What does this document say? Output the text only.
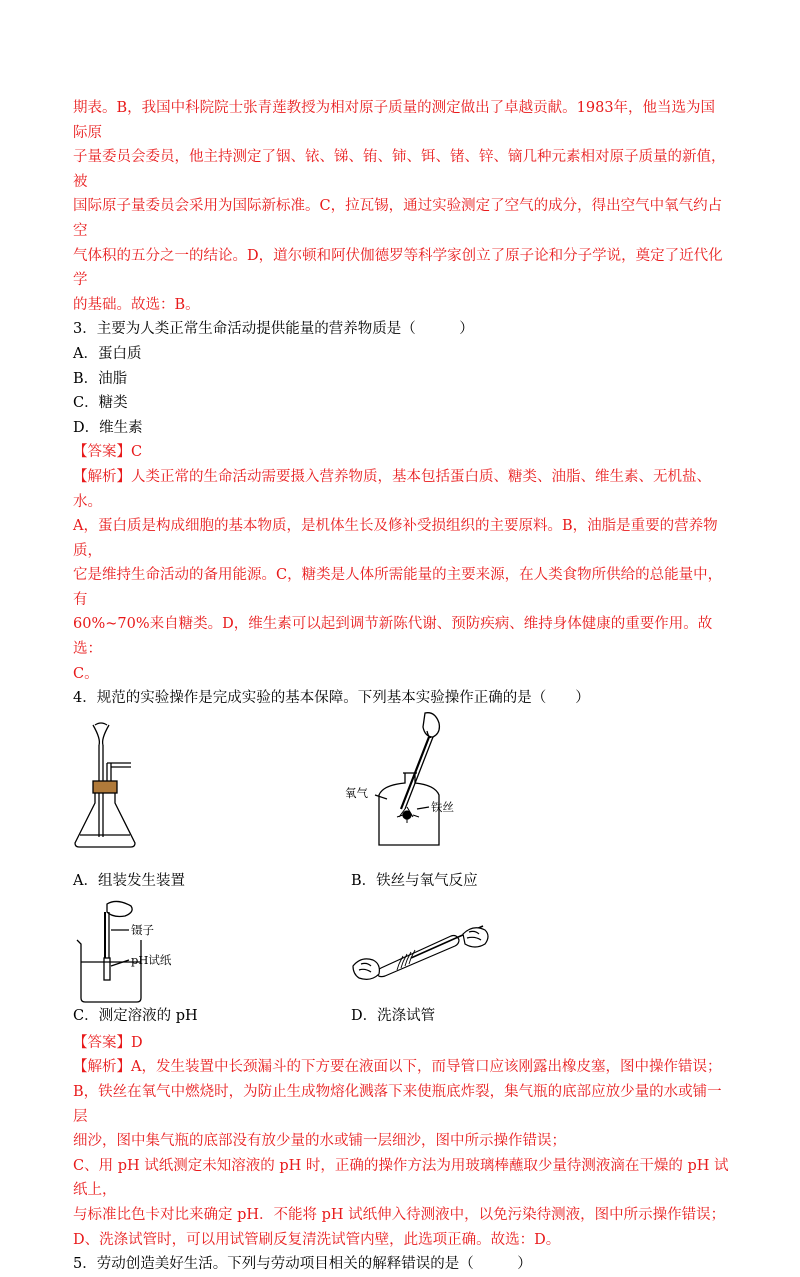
期表。B，我国中科院院士张青莲教授为相对原子质量的测定做出了卓越贡献。1983年，他当选为国际原

子量委员会委员，他主持测定了铟、铱、锑、铕、铈、铒、锗、锌、镝几种元素相对原子质量的新值，被

国际原子量委员会采用为国际新标准。C，拉瓦锡，通过实验测定了空气的成分，得出空气中氧气约占空

气体积的五分之一的结论。D，道尔顿和阿伏伽德罗等科学家创立了原子论和分子学说，奠定了近代化学

的基础。故选：B。

3．主要为人类正常生命活动提供能量的营养物质是（　　　）

A．蛋白质

B．油脂

C．糖类

D．维生素

【答案】C

【解析】人类正常的生命活动需要摄入营养物质，基本包括蛋白质、糖类、油脂、维生素、无机盐、水。

A，蛋白质是构成细胞的基本物质，是机体生长及修补受损组织的主要原料。B，油脂是重要的营养物质，

它是维持生命活动的备用能源。C，糖类是人体所需能量的主要来源，在人类食物所供给的总能量中，有

60%~70%来自糖类。D，维生素可以起到调节新陈代谢、预防疾病、维持身体健康的重要作用。故选：

C。

4．规范的实验操作是完成实验的基本保障。下列基本实验操作正确的是（　　）

氧气
铁丝
A．组装发生装置	B．铁丝与氧气反应
镊子
pH试纸
C．测定溶液的 pH	D．洗涤试管

【答案】D

【解析】A，发生装置中长颈漏斗的下方要在液面以下，而导管口应该刚露出橡皮塞，图中操作错误；

B，铁丝在氧气中燃烧时，为防止生成物熔化溅落下来使瓶底炸裂，集气瓶的底部应放少量的水或铺一层

细沙，图中集气瓶的底部没有放少量的水或铺一层细沙，图中所示操作错误；

C、用 pH 试纸测定未知溶液的 pH 时，正确的操作方法为用玻璃棒蘸取少量待测液滴在干燥的 pH 试纸上，

与标准比色卡对比来确定 pH．不能将 pH 试纸伸入待测液中，以免污染待测液，图中所示操作错误；

D、洗涤试管时，可以用试管刷反复清洗试管内壁，此选项正确。故选：D。

5．劳动创造美好生活。下列与劳动项目相关的解释错误的是（　　　）
